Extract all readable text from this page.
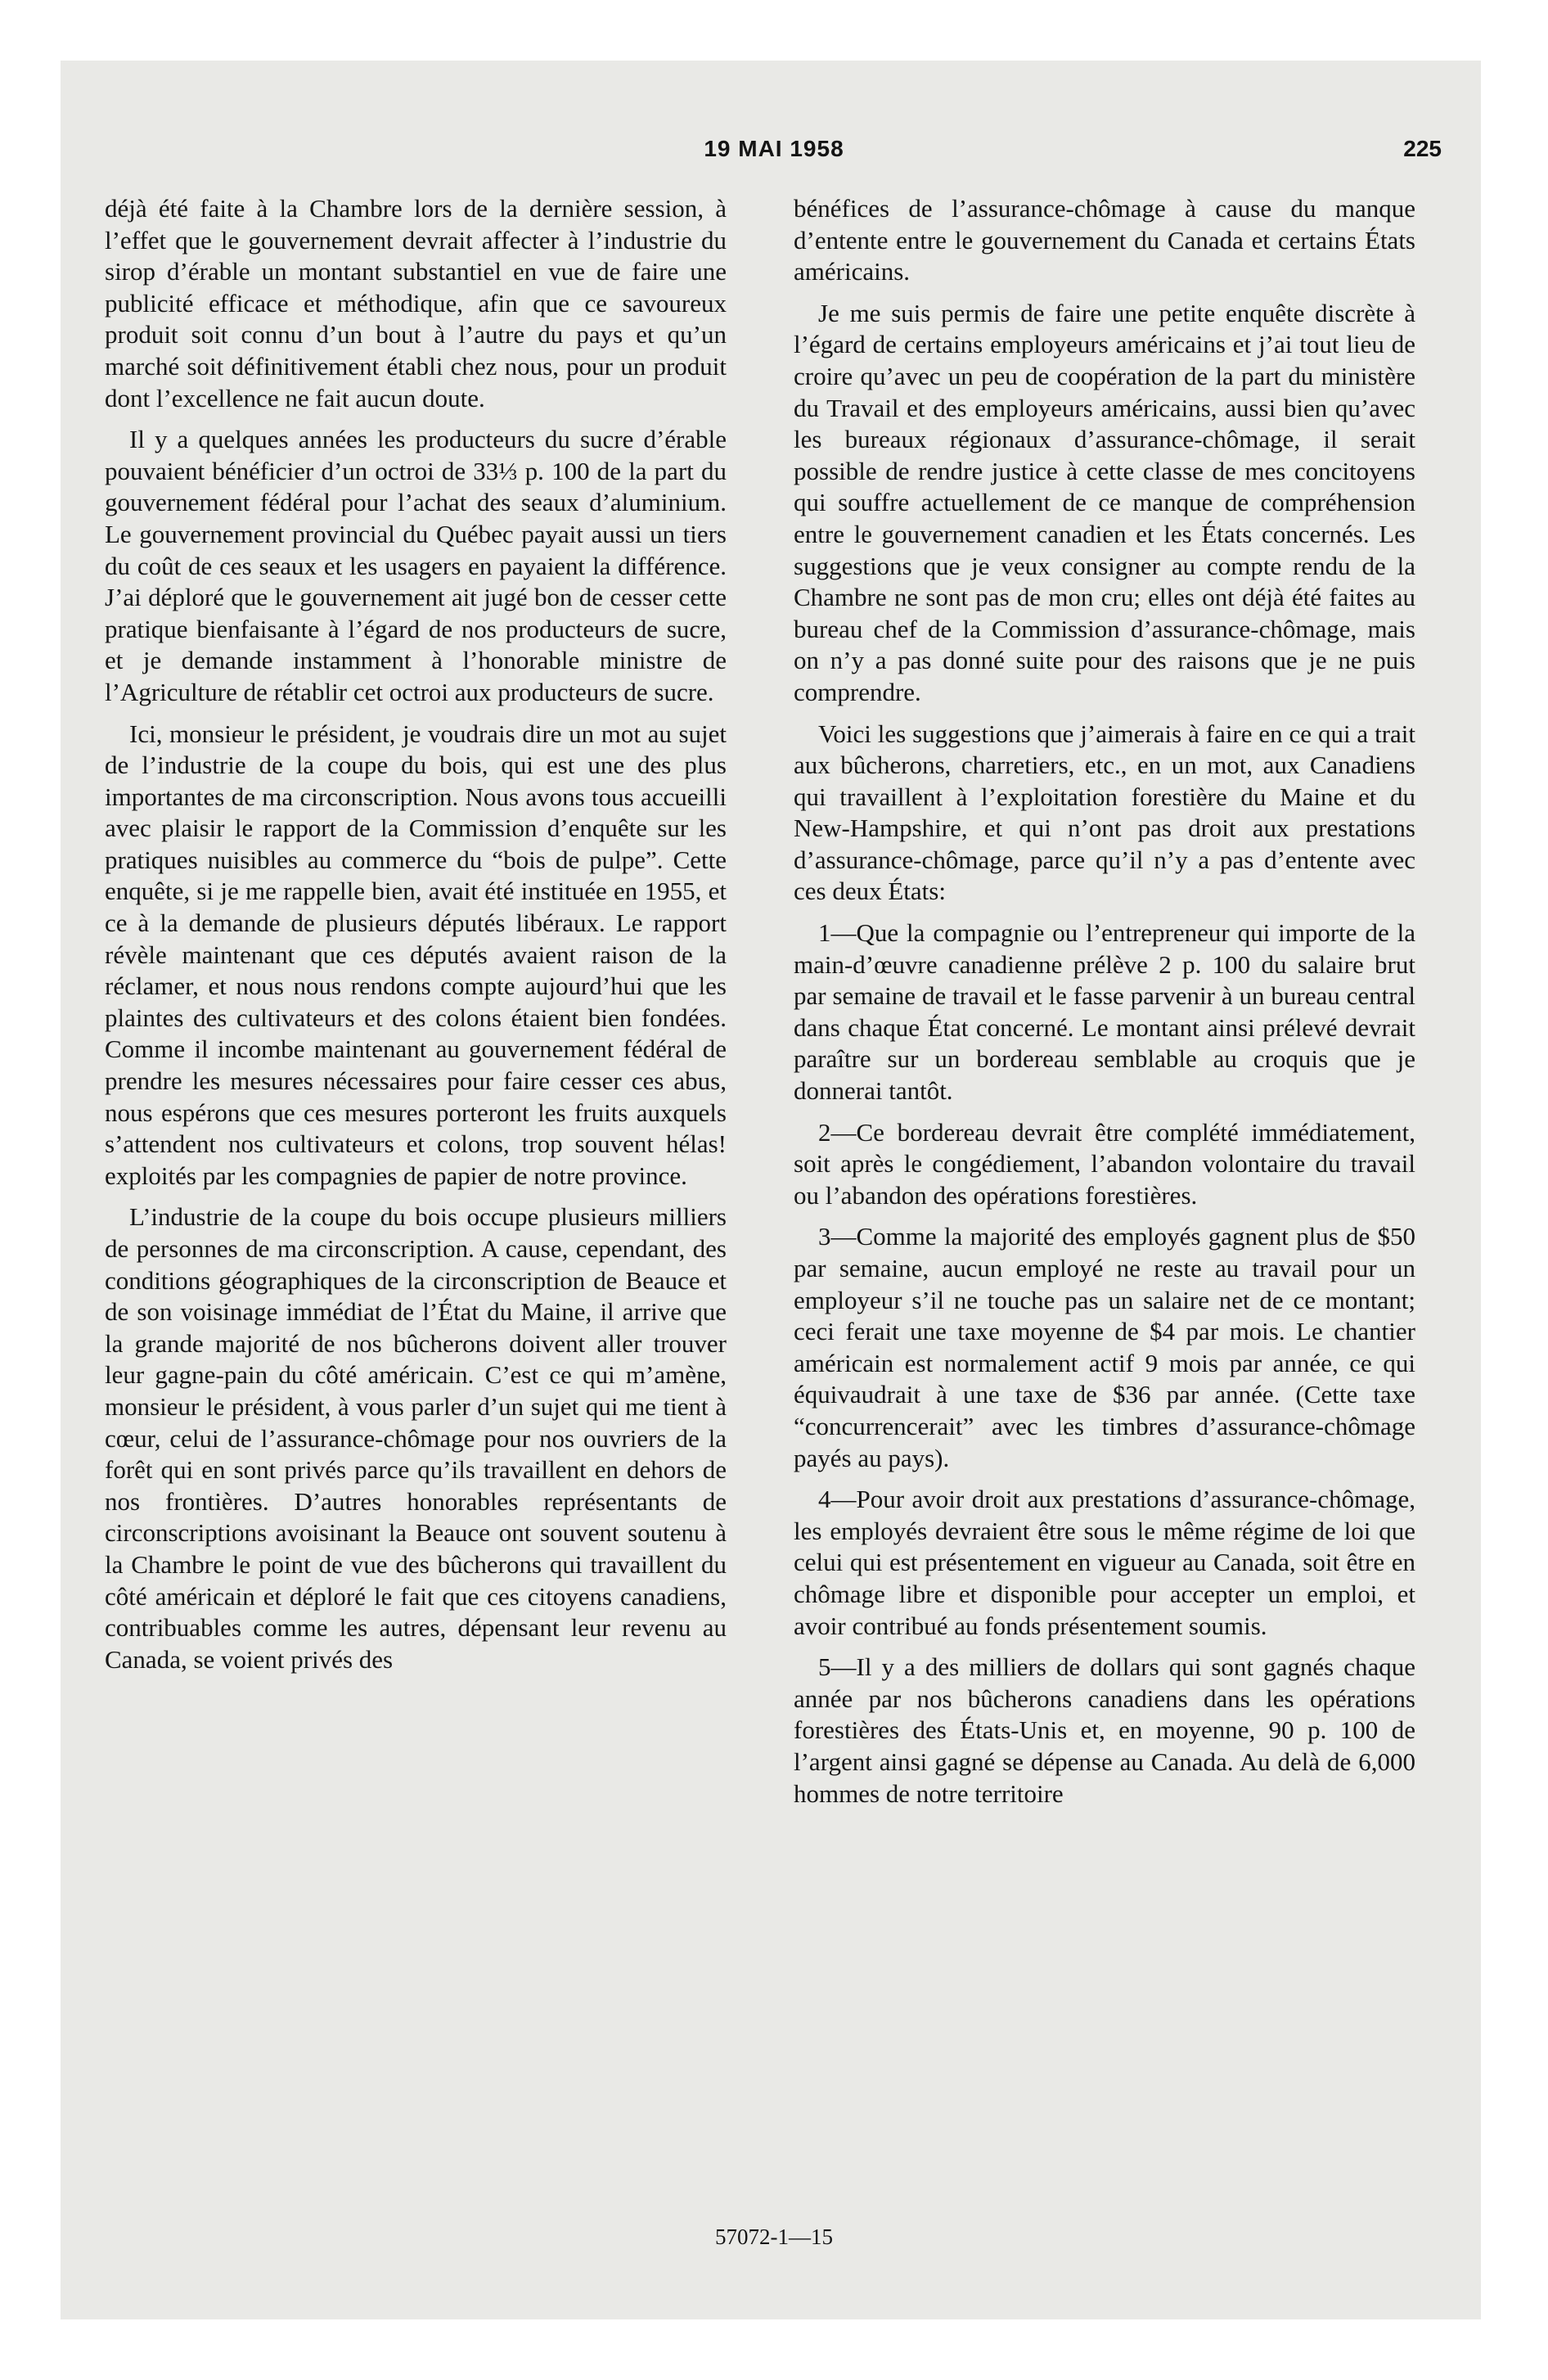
19 MAI 1958	225

déjà été faite à la Chambre lors de la dernière session, à l’effet que le gouvernement devrait affecter à l’industrie du sirop d’érable un montant substantiel en vue de faire une publicité efficace et méthodique, afin que ce savoureux produit soit connu d’un bout à l’autre du pays et qu’un marché soit définitivement établi chez nous, pour un produit dont l’excellence ne fait aucun doute.

Il y a quelques années les producteurs du sucre d’érable pouvaient bénéficier d’un octroi de 33⅓ p. 100 de la part du gouvernement fédéral pour l’achat des seaux d’aluminium. Le gouvernement provincial du Québec payait aussi un tiers du coût de ces seaux et les usagers en payaient la différence. J’ai déploré que le gouvernement ait jugé bon de cesser cette pratique bienfaisante à l’égard de nos producteurs de sucre, et je demande instamment à l’honorable ministre de l’Agriculture de rétablir cet octroi aux producteurs de sucre.

Ici, monsieur le président, je voudrais dire un mot au sujet de l’industrie de la coupe du bois, qui est une des plus importantes de ma circonscription. Nous avons tous accueilli avec plaisir le rapport de la Commission d’enquête sur les pratiques nuisibles au commerce du “bois de pulpe”. Cette enquête, si je me rappelle bien, avait été instituée en 1955, et ce à la demande de plusieurs députés libéraux. Le rapport révèle maintenant que ces députés avaient raison de la réclamer, et nous nous rendons compte aujourd’hui que les plaintes des cultivateurs et des colons étaient bien fondées. Comme il incombe maintenant au gouvernement fédéral de prendre les mesures nécessaires pour faire cesser ces abus, nous espérons que ces mesures porteront les fruits auxquels s’attendent nos cultivateurs et colons, trop souvent hélas! exploités par les compagnies de papier de notre province.

L’industrie de la coupe du bois occupe plusieurs milliers de personnes de ma circonscription. A cause, cependant, des conditions géographiques de la circonscription de Beauce et de son voisinage immédiat de l’État du Maine, il arrive que la grande majorité de nos bûcherons doivent aller trouver leur gagne-pain du côté américain. C’est ce qui m’amène, monsieur le président, à vous parler d’un sujet qui me tient à cœur, celui de l’assurance-chômage pour nos ouvriers de la forêt qui en sont privés parce qu’ils travaillent en dehors de nos frontières. D’autres honorables représentants de circonscriptions avoisinant la Beauce ont souvent soutenu à la Chambre le point de vue des bûcherons qui travaillent du côté américain et déploré le fait que ces citoyens canadiens, contribuables comme les autres, dépensant leur revenu au Canada, se voient privés des

bénéfices de l’assurance-chômage à cause du manque d’entente entre le gouvernement du Canada et certains États américains.

Je me suis permis de faire une petite enquête discrète à l’égard de certains employeurs américains et j’ai tout lieu de croire qu’avec un peu de coopération de la part du ministère du Travail et des employeurs américains, aussi bien qu’avec les bureaux régionaux d’assurance-chômage, il serait possible de rendre justice à cette classe de mes concitoyens qui souffre actuellement de ce manque de compréhension entre le gouvernement canadien et les États concernés. Les suggestions que je veux consigner au compte rendu de la Chambre ne sont pas de mon cru; elles ont déjà été faites au bureau chef de la Commission d’assurance-chômage, mais on n’y a pas donné suite pour des raisons que je ne puis comprendre.

Voici les suggestions que j’aimerais à faire en ce qui a trait aux bûcherons, charretiers, etc., en un mot, aux Canadiens qui travaillent à l’exploitation forestière du Maine et du New-Hampshire, et qui n’ont pas droit aux prestations d’assurance-chômage, parce qu’il n’y a pas d’entente avec ces deux États:

1—Que la compagnie ou l’entrepreneur qui importe de la main-d’œuvre canadienne prélève 2 p. 100 du salaire brut par semaine de travail et le fasse parvenir à un bureau central dans chaque État concerné. Le montant ainsi prélevé devrait paraître sur un bordereau semblable au croquis que je donnerai tantôt.

2—Ce bordereau devrait être complété immédiatement, soit après le congédiement, l’abandon volontaire du travail ou l’abandon des opérations forestières.

3—Comme la majorité des employés gagnent plus de $50 par semaine, aucun employé ne reste au travail pour un employeur s’il ne touche pas un salaire net de ce montant; ceci ferait une taxe moyenne de $4 par mois. Le chantier américain est normalement actif 9 mois par année, ce qui équivaudrait à une taxe de $36 par année. (Cette taxe “concurrencerait” avec les timbres d’assurance-chômage payés au pays).

4—Pour avoir droit aux prestations d’assurance-chômage, les employés devraient être sous le même régime de loi que celui qui est présentement en vigueur au Canada, soit être en chômage libre et disponible pour accepter un emploi, et avoir contribué au fonds présentement soumis.

5—Il y a des milliers de dollars qui sont gagnés chaque année par nos bûcherons canadiens dans les opérations forestières des États-Unis et, en moyenne, 90 p. 100 de l’argent ainsi gagné se dépense au Canada. Au delà de 6,000 hommes de notre territoire

57072-1—15
